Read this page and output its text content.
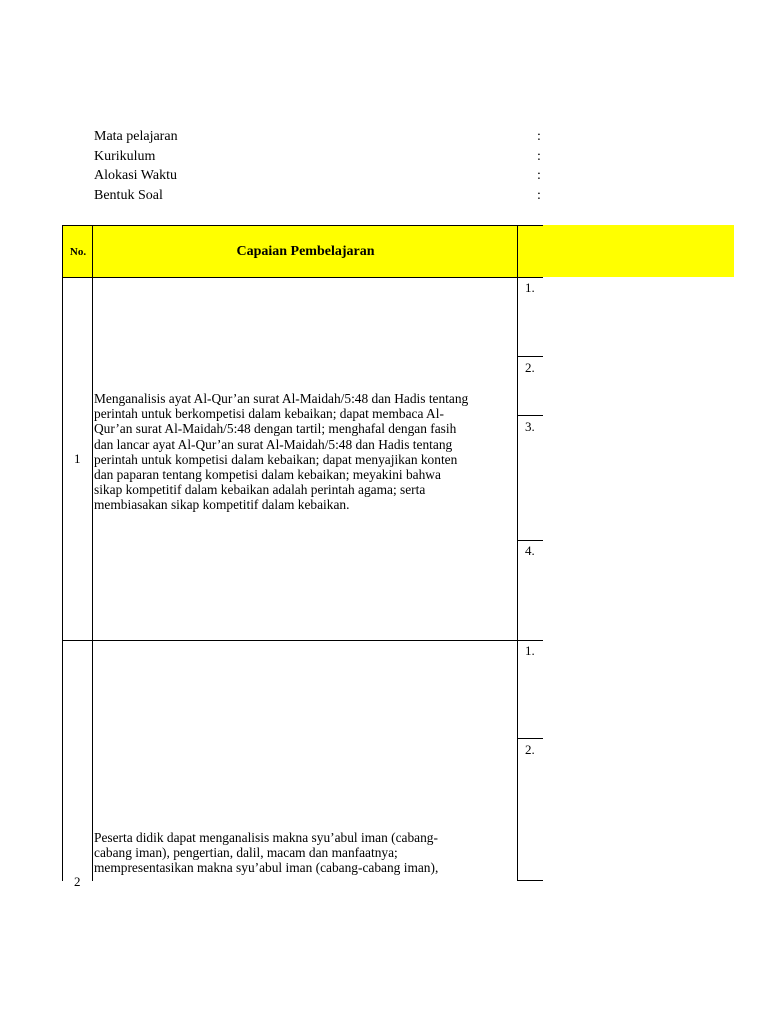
Mata pelajaran
Kurikulum
Alokasi Waktu
Bentuk Soal
:
:
:
:
No.	Capaian Pembelajaran
1
Menganalisis ayat Al-Qur’an surat Al-Maidah/5:48 dan Hadis tentang
perintah untuk berkompetisi dalam kebaikan; dapat membaca Al-
Qur’an surat Al-Maidah/5:48 dengan tartil; menghafal dengan fasih
dan lancar ayat Al-Qur’an surat Al-Maidah/5:48 dan Hadis tentang
perintah untuk kompetisi dalam kebaikan; dapat menyajikan konten
dan paparan tentang kompetisi dalam kebaikan; meyakini bahwa
sikap kompetitif dalam kebaikan adalah perintah agama; serta
membiasakan sikap kompetitif dalam kebaikan.
1.
2.
3.
4.
2
Peserta didik dapat menganalisis makna syu’abul iman (cabang-
cabang iman), pengertian, dalil, macam dan manfaatnya;
mempresentasikan makna syu’abul iman (cabang-cabang iman),
1.
2.
